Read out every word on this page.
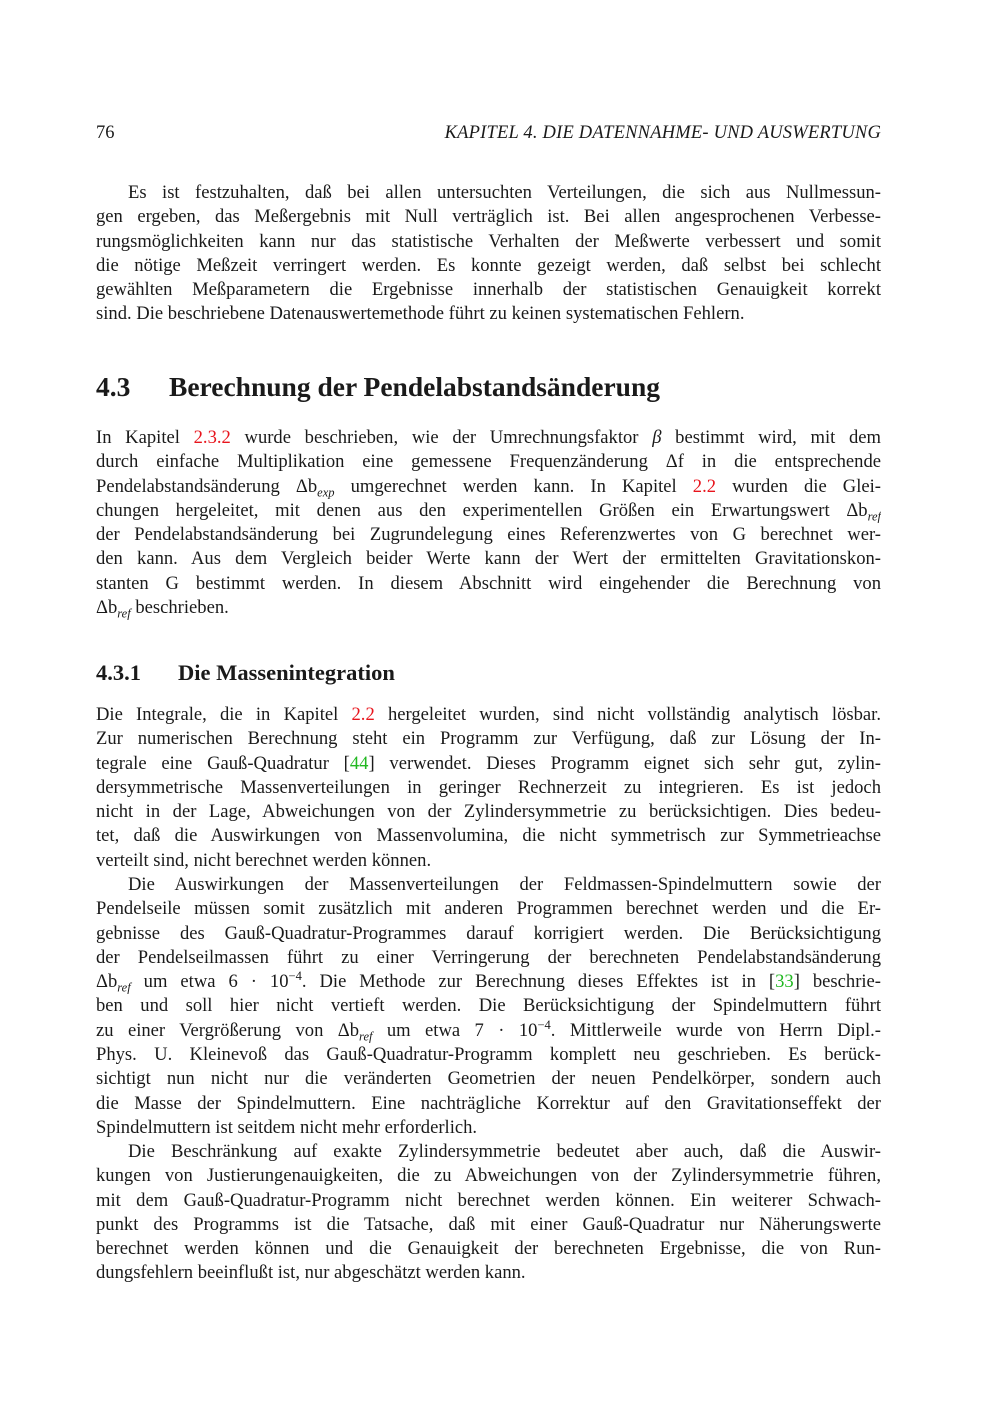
76	KAPITEL 4. DIE DATENNAHME- UND AUSWERTUNG
Es ist festzuhalten, daß bei allen untersuchten Verteilungen, die sich aus Nullmessun-
gen ergeben, das Meßergebnis mit Null verträglich ist. Bei allen angesprochenen Verbesse-
rungsmöglichkeiten kann nur das statistische Verhalten der Meßwerte verbessert und somit
die nötige Meßzeit verringert werden. Es konnte gezeigt werden, daß selbst bei schlecht
gewählten Meßparametern die Ergebnisse innerhalb der statistischen Genauigkeit korrekt
sind. Die beschriebene Datenauswertemethode führt zu keinen systematischen Fehlern.
4.3 Berechnung der Pendelabstandsänderung
In Kapitel 2.3.2 wurde beschrieben, wie der Umrechnungsfaktor β bestimmt wird, mit dem
durch einfache Multiplikation eine gemessene Frequenzänderung Δf in die entsprechende
Pendelabstandsänderung $\Delta b_{exp}$ umgerechnet werden kann. In Kapitel 2.2 wurden die Glei-
chungen hergeleitet, mit denen aus den experimentellen Größen ein Erwartungswert $\Delta b_{ref}$
der Pendelabstandsänderung bei Zugrundelegung eines Referenzwertes von G berechnet wer-
den kann. Aus dem Vergleich beider Werte kann der Wert der ermittelten Gravitationskon-
stanten G bestimmt werden. In diesem Abschnitt wird eingehender die Berechnung von
$\Delta b_{ref}$ beschrieben.
4.3.1 Die Massenintegration
Die Integrale, die in Kapitel 2.2 hergeleitet wurden, sind nicht vollständig analytisch lösbar.
Zur numerischen Berechnung steht ein Programm zur Verfügung, daß zur Lösung der In-
tegrale eine Gauß-Quadratur [44] verwendet. Dieses Programm eignet sich sehr gut, zylin-
dersymmetrische Massenverteilungen in geringer Rechnerzeit zu integrieren. Es ist jedoch
nicht in der Lage, Abweichungen von der Zylindersymmetrie zu berücksichtigen. Dies bedeu-
tet, daß die Auswirkungen von Massenvolumina, die nicht symmetrisch zur Symmetrieachse
verteilt sind, nicht berechnet werden können.
Die Auswirkungen der Massenverteilungen der Feldmassen-Spindelmuttern sowie der
Pendelseile müssen somit zusätzlich mit anderen Programmen berechnet werden und die Er-
gebnisse des Gauß-Quadratur-Programmes darauf korrigiert werden. Die Berücksichtigung
der Pendelseilmassen führt zu einer Verringerung der berechneten Pendelabstandsänderung
$\Delta b_{ref}$ um etwa $6 \cdot 10^{-4}$. Die Methode zur Berechnung dieses Effektes ist in [33] beschrie-
ben und soll hier nicht vertieft werden. Die Berücksichtigung der Spindelmuttern führt
zu einer Vergrößerung von $\Delta b_{ref}$ um etwa $7 \cdot 10^{-4}$. Mittlerweile wurde von Herrn Dipl.-
Phys. U. Kleinevoß das Gauß-Quadratur-Programm komplett neu geschrieben. Es berück-
sichtigt nun nicht nur die veränderten Geometrien der neuen Pendelkörper, sondern auch
die Masse der Spindelmuttern. Eine nachträgliche Korrektur auf den Gravitationseffekt der
Spindelmuttern ist seitdem nicht mehr erforderlich.
Die Beschränkung auf exakte Zylindersymmetrie bedeutet aber auch, daß die Auswir-
kungen von Justierungenauigkeiten, die zu Abweichungen von der Zylindersymmetrie führen,
mit dem Gauß-Quadratur-Programm nicht berechnet werden können. Ein weiterer Schwach-
punkt des Programms ist die Tatsache, daß mit einer Gauß-Quadratur nur Näherungswerte
berechnet werden können und die Genauigkeit der berechneten Ergebnisse, die von Run-
dungsfehlern beeinflußt ist, nur abgeschätzt werden kann.
